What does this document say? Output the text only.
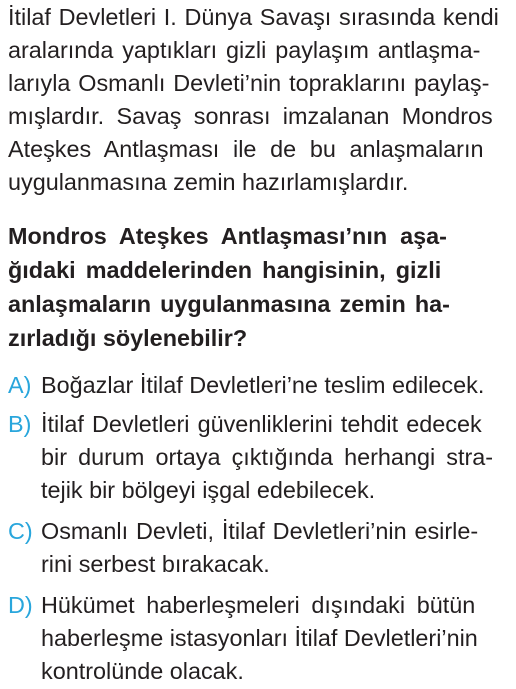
İtilaf Devletleri I. Dünya Savaşı sırasında kendi
aralarında yaptıkları gizli paylaşım antlaşma-
larıyla Osmanlı Devleti’nin topraklarını paylaş-
mışlardır. Savaş sonrası imzalanan Mondros
Ateşkes Antlaşması ile de bu anlaşmaların
uygulanmasına zemin hazırlamışlardır.
Mondros Ateşkes Antlaşması’nın aşa-
ğıdaki maddelerinden hangisinin, gizli
anlaşmaların uygulanmasına zemin ha-
zırladığı söylenebilir?
A) Boğazlar İtilaf Devletleri’ne teslim edilecek.
B) İtilaf Devletleri güvenliklerini tehdit edecek
bir durum ortaya çıktığında herhangi stra-
tejik bir bölgeyi işgal edebilecek.
C) Osmanlı Devleti, İtilaf Devletleri’nin esirle-
rini serbest bırakacak.
D) Hükümet haberleşmeleri dışındaki bütün
haberleşme istasyonları İtilaf Devletleri’nin
kontrolünde olacak.
